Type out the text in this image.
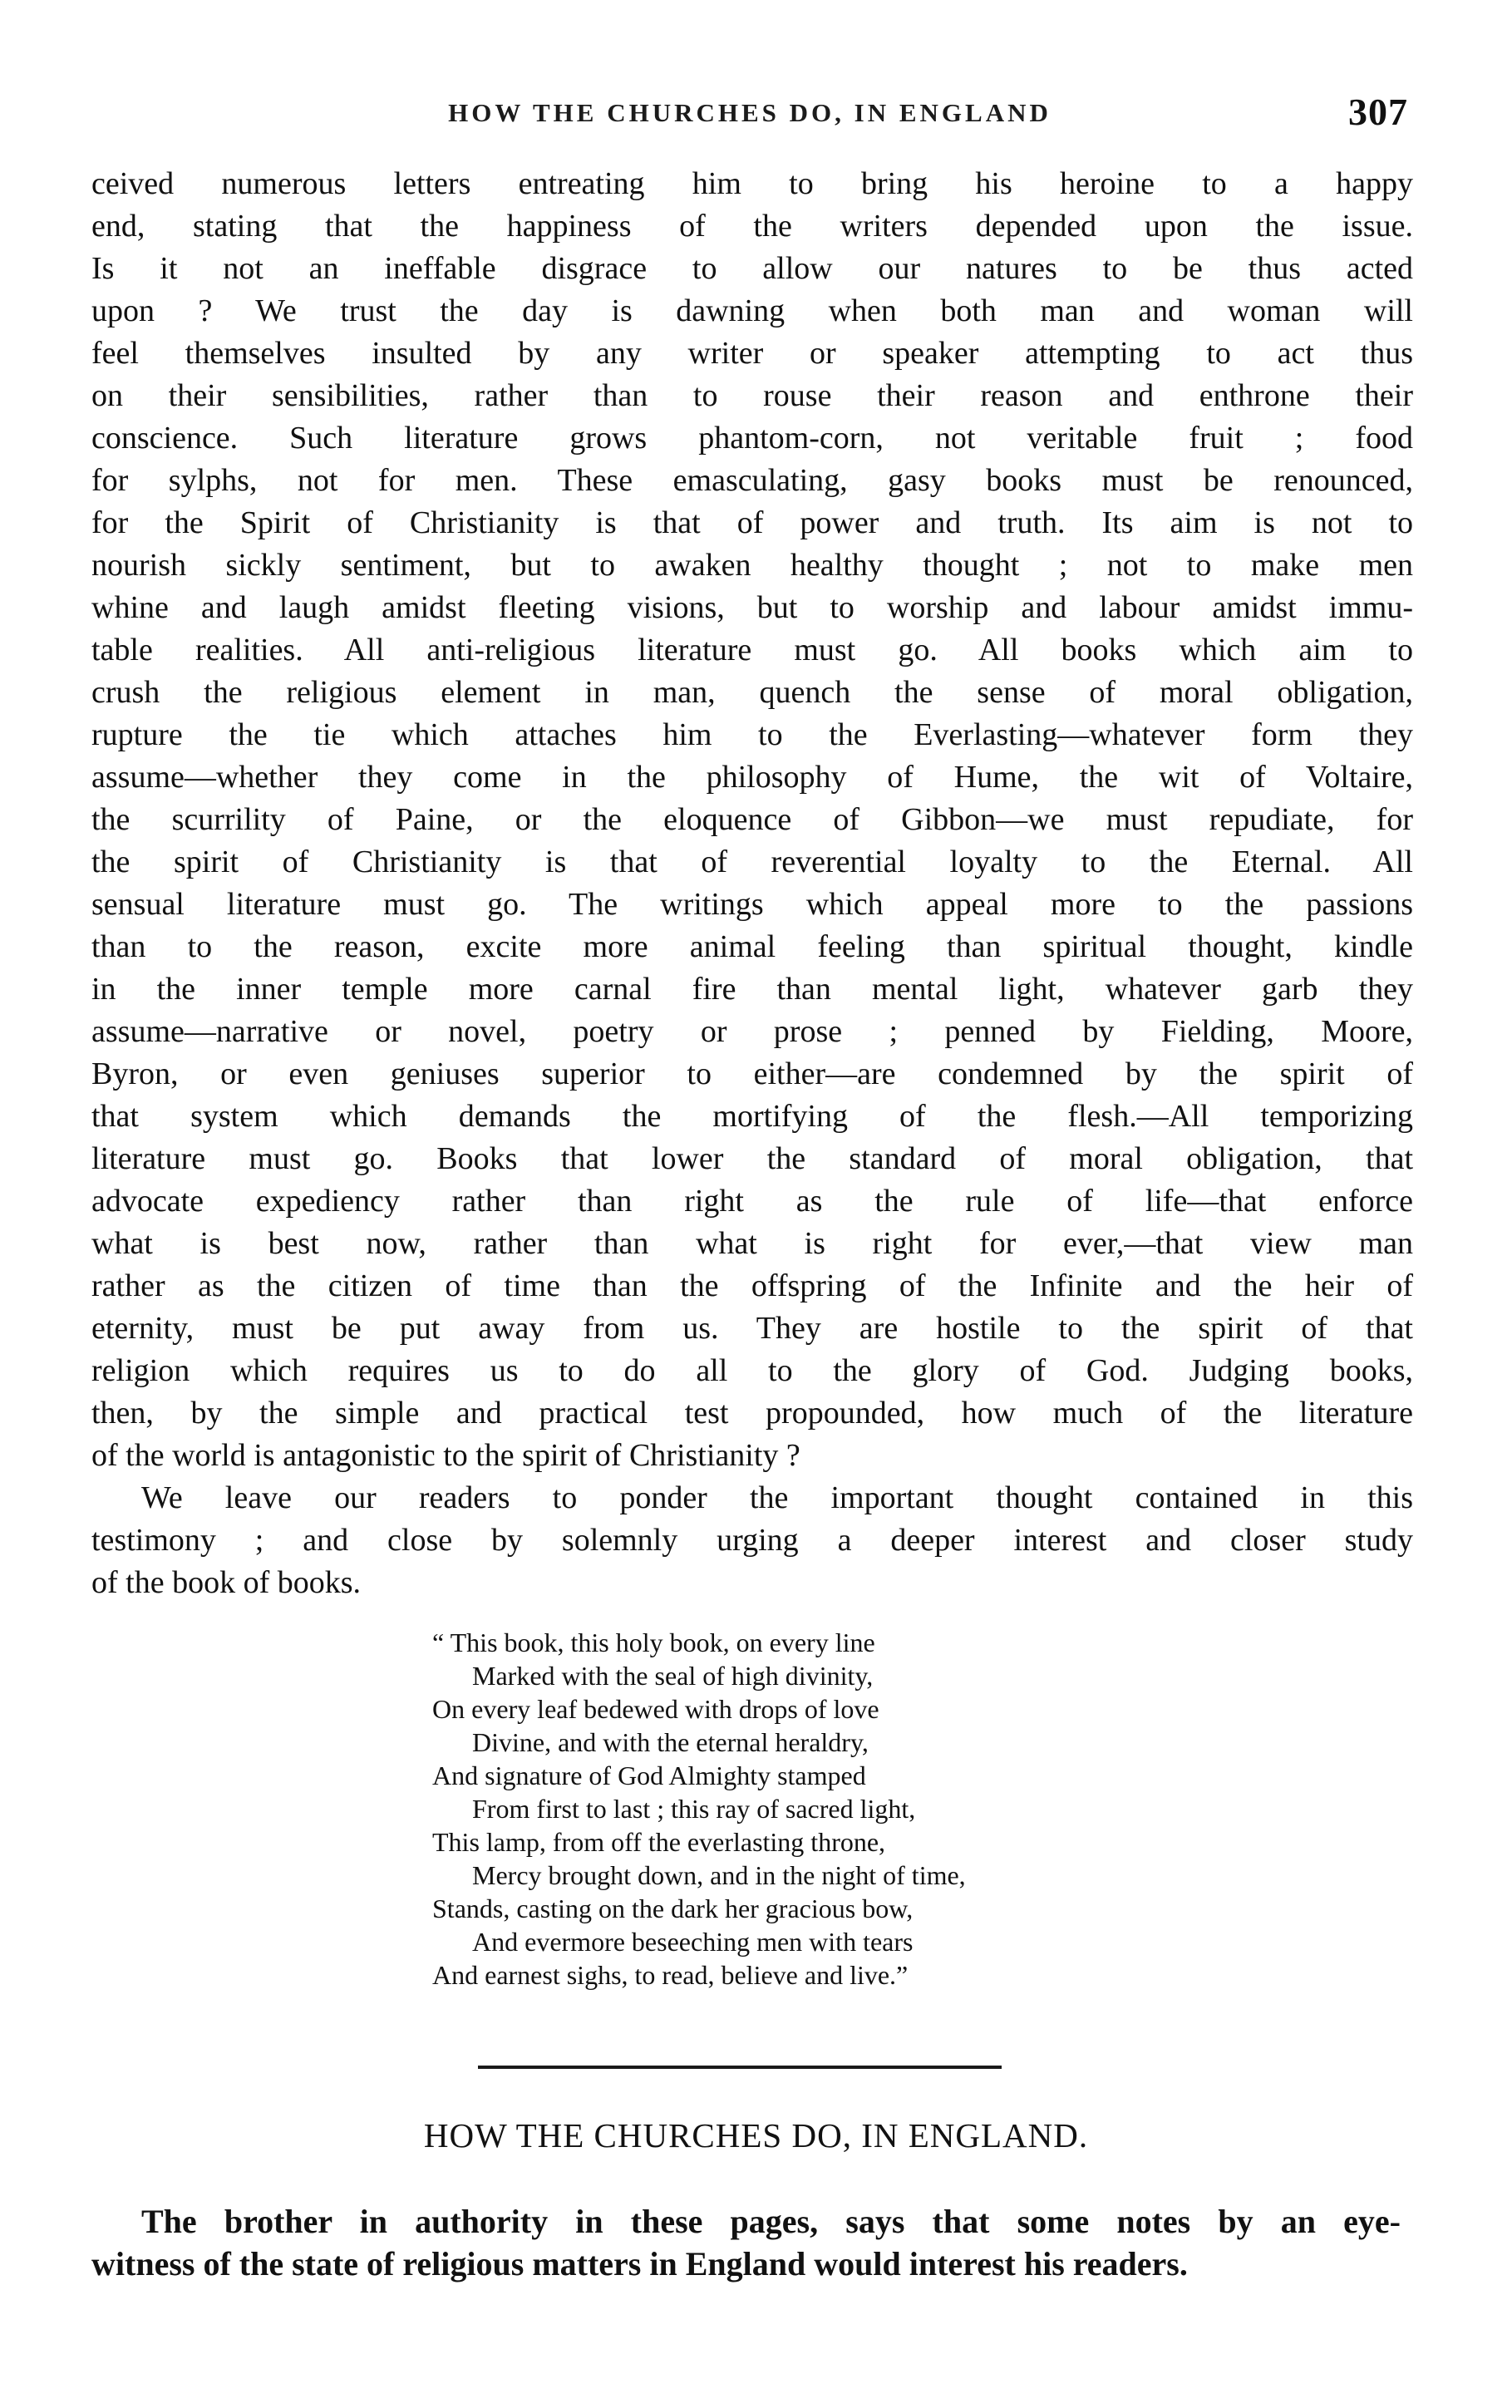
HOW THE CHURCHES DO, IN ENGLAND	307
ceived numerous letters entreating him to bring his heroine to a happy
end, stating that the happiness of the writers depended upon the issue.
Is it not an ineffable disgrace to allow our natures to be thus acted
upon ? We trust the day is dawning when both man and woman will
feel themselves insulted by any writer or speaker attempting to act thus
on their sensibilities, rather than to rouse their reason and enthrone their
conscience. Such literature grows phantom-corn, not veritable fruit ; food
for sylphs, not for men. These emasculating, gasy books must be renounced,
for the Spirit of Christianity is that of power and truth. Its aim is not to
nourish sickly sentiment, but to awaken healthy thought ; not to make men
whine and laugh amidst fleeting visions, but to worship and labour amidst immu-
table realities. All anti-religious literature must go. All books which aim to
crush the religious element in man, quench the sense of moral obligation,
rupture the tie which attaches him to the Everlasting—whatever form they
assume—whether they come in the philosophy of Hume, the wit of Voltaire,
the scurrility of Paine, or the eloquence of Gibbon—we must repudiate, for
the spirit of Christianity is that of reverential loyalty to the Eternal. All
sensual literature must go. The writings which appeal more to the passions
than to the reason, excite more animal feeling than spiritual thought, kindle
in the inner temple more carnal fire than mental light, whatever garb they
assume—narrative or novel, poetry or prose ; penned by Fielding, Moore,
Byron, or even geniuses superior to either—are condemned by the spirit of
that system which demands the mortifying of the flesh.—All temporizing
literature must go. Books that lower the standard of moral obligation, that
advocate expediency rather than right as the rule of life—that enforce
what is best now, rather than what is right for ever,—that view man
rather as the citizen of time than the offspring of the Infinite and the heir of
eternity, must be put away from us. They are hostile to the spirit of that
religion which requires us to do all to the glory of God. Judging books,
then, by the simple and practical test propounded, how much of the literature
of the world is antagonistic to the spirit of Christianity ?
We leave our readers to ponder the important thought contained in this
testimony ; and close by solemnly urging a deeper interest and closer study
of the book of books.
“ This book, this holy book, on every line
Marked with the seal of high divinity,
On every leaf bedewed with drops of love
Divine, and with the eternal heraldry,
And signature of God Almighty stamped
From first to last ; this ray of sacred light,
This lamp, from off the everlasting throne,
Mercy brought down, and in the night of time,
Stands, casting on the dark her gracious bow,
And evermore beseeching men with tears
And earnest sighs, to read, believe and live.”
HOW THE CHURCHES DO, IN ENGLAND.
The brother in authority in these pages, says that some notes by an eye-
witness of the state of religious matters in England would interest his readers.
